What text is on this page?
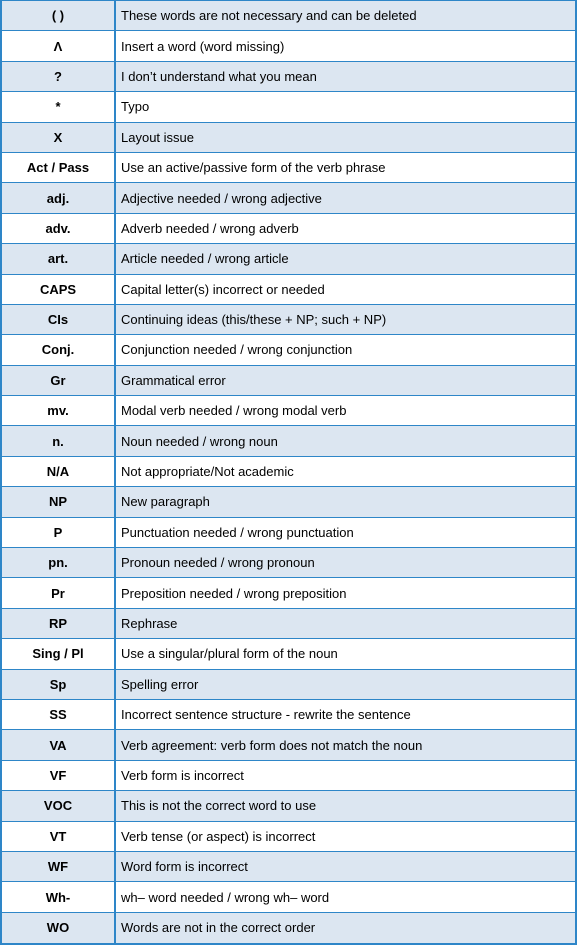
( )	These words are not necessary and can be deleted
Λ	Insert a word (word missing)
?	I don’t understand what you mean
*	Typo
X	Layout issue
Act / Pass	Use an active/passive form of the verb phrase
adj.	Adjective needed / wrong adjective
adv.	Adverb needed / wrong adverb
art.	Article needed / wrong article
CAPS	Capital letter(s) incorrect or needed
CIs	Continuing ideas (this/these + NP; such + NP)
Conj.	Conjunction needed / wrong conjunction
Gr	Grammatical error
mv.	Modal verb needed / wrong modal verb
n.	Noun needed / wrong noun
N/A	Not appropriate/Not academic
NP	New paragraph
P	Punctuation needed / wrong punctuation
pn.	Pronoun needed / wrong pronoun
Pr	Preposition needed / wrong preposition
RP	Rephrase
Sing / Pl	Use a singular/plural form of the noun
Sp	Spelling error
SS	Incorrect sentence structure - rewrite the sentence
VA	Verb agreement: verb form does not match the noun
VF	Verb form is incorrect
VOC	This is not the correct word to use
VT	Verb tense (or aspect) is incorrect
WF	Word form is incorrect
Wh-	wh– word needed / wrong wh– word
WO	Words are not in the correct order
